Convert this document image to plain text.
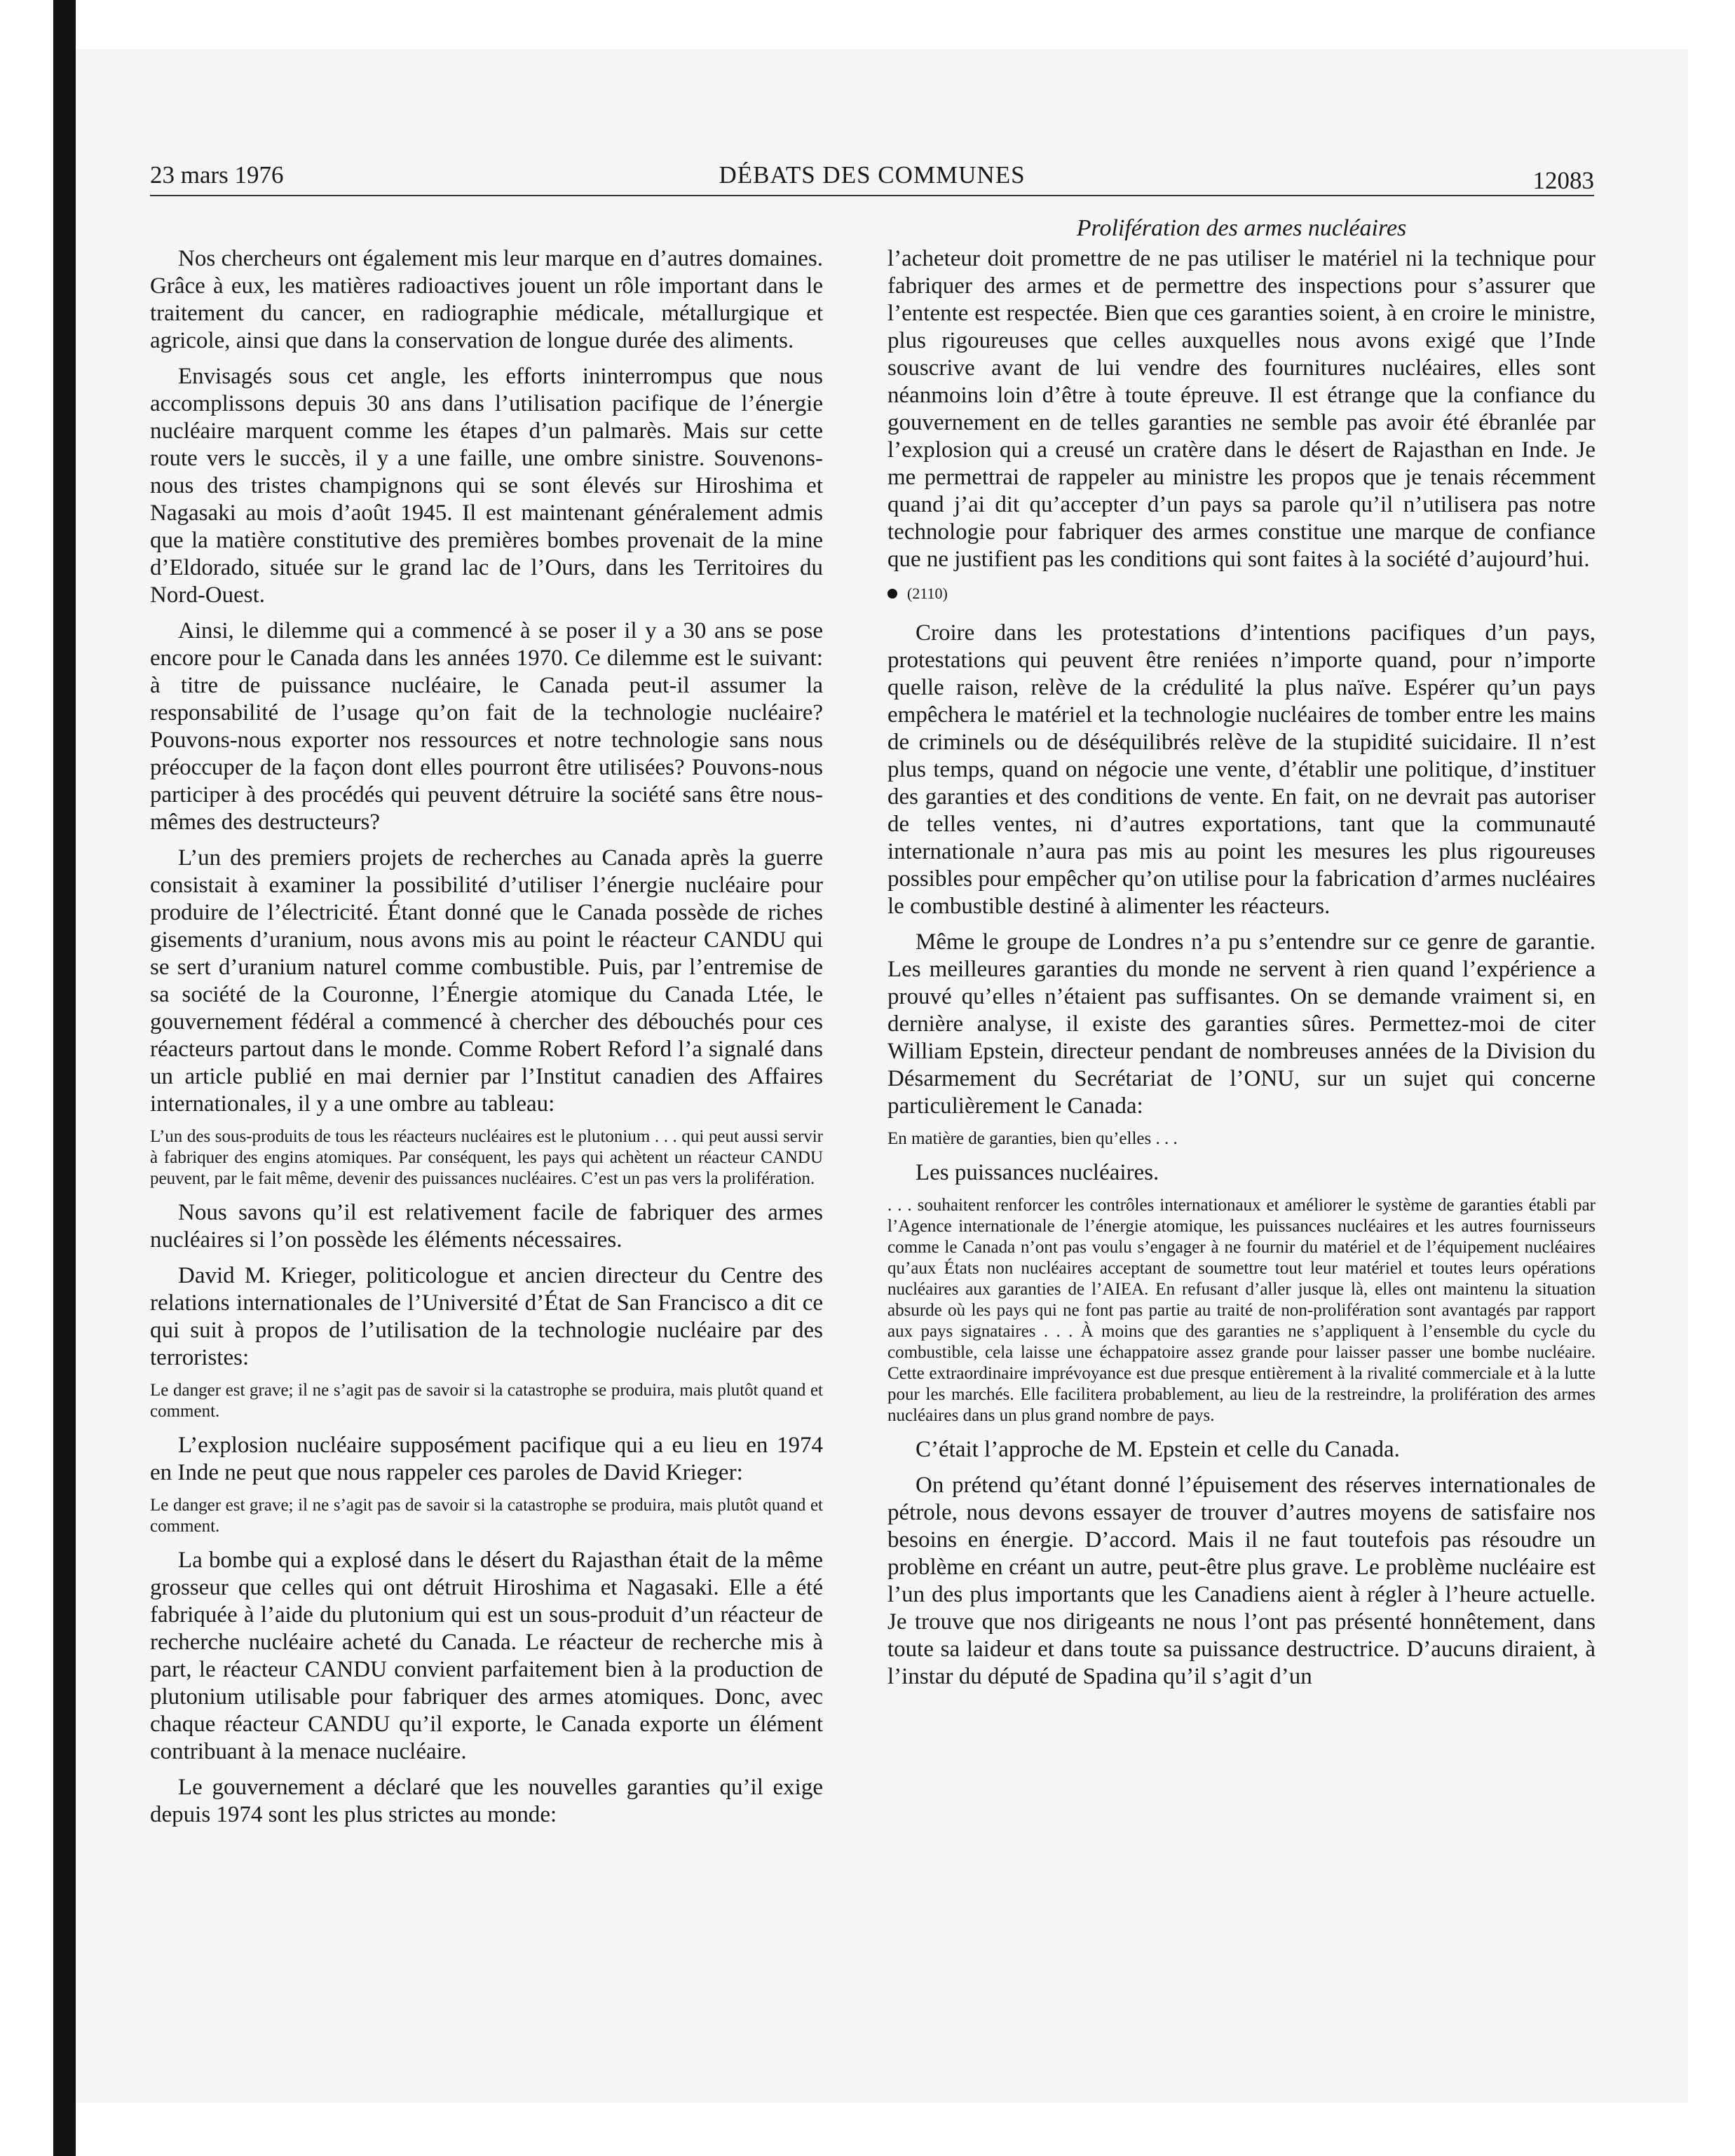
23 mars 1976	DÉBATS DES COMMUNES	12083
Prolifération des armes nucléaires

Nos chercheurs ont également mis leur marque en d’autres domaines. Grâce à eux, les matières radioactives jouent un rôle important dans le traitement du cancer, en radiographie médicale, métallurgique et agricole, ainsi que dans la conservation de longue durée des aliments.

Envisagés sous cet angle, les efforts ininterrompus que nous accomplissons depuis 30 ans dans l’utilisation pacifique de l’énergie nucléaire marquent comme les étapes d’un palmarès. Mais sur cette route vers le succès, il y a une faille, une ombre sinistre. Souvenons-nous des tristes champignons qui se sont élevés sur Hiroshima et Nagasaki au mois d’août 1945. Il est maintenant généralement admis que la matière constitutive des premières bombes provenait de la mine d’Eldorado, située sur le grand lac de l’Ours, dans les Territoires du Nord-Ouest.

Ainsi, le dilemme qui a commencé à se poser il y a 30 ans se pose encore pour le Canada dans les années 1970. Ce dilemme est le suivant: à titre de puissance nucléaire, le Canada peut-il assumer la responsabilité de l’usage qu’on fait de la technologie nucléaire? Pouvons-nous exporter nos ressources et notre technologie sans nous préoccuper de la façon dont elles pourront être utilisées? Pouvons-nous participer à des procédés qui peuvent détruire la société sans être nous-mêmes des destructeurs?

L’un des premiers projets de recherches au Canada après la guerre consistait à examiner la possibilité d’utiliser l’énergie nucléaire pour produire de l’électricité. Étant donné que le Canada possède de riches gisements d’uranium, nous avons mis au point le réacteur CANDU qui se sert d’uranium naturel comme combustible. Puis, par l’entremise de sa société de la Couronne, l’Énergie atomique du Canada Ltée, le gouvernement fédéral a commencé à chercher des débouchés pour ces réacteurs partout dans le monde. Comme Robert Reford l’a signalé dans un article publié en mai dernier par l’Institut canadien des Affaires internationales, il y a une ombre au tableau:

L’un des sous-produits de tous les réacteurs nucléaires est le plutonium . . . qui peut aussi servir à fabriquer des engins atomiques. Par conséquent, les pays qui achètent un réacteur CANDU peuvent, par le fait même, devenir des puissances nucléaires. C’est un pas vers la prolifération.

Nous savons qu’il est relativement facile de fabriquer des armes nucléaires si l’on possède les éléments nécessaires.

David M. Krieger, politicologue et ancien directeur du Centre des relations internationales de l’Université d’État de San Francisco a dit ce qui suit à propos de l’utilisation de la technologie nucléaire par des terroristes:

Le danger est grave; il ne s’agit pas de savoir si la catastrophe se produira, mais plutôt quand et comment.

L’explosion nucléaire supposément pacifique qui a eu lieu en 1974 en Inde ne peut que nous rappeler ces paroles de David Krieger:

Le danger est grave; il ne s’agit pas de savoir si la catastrophe se produira, mais plutôt quand et comment.

La bombe qui a explosé dans le désert du Rajasthan était de la même grosseur que celles qui ont détruit Hiroshima et Nagasaki. Elle a été fabriquée à l’aide du plutonium qui est un sous-produit d’un réacteur de recherche nucléaire acheté du Canada. Le réacteur de recherche mis à part, le réacteur CANDU convient parfaitement bien à la production de plutonium utilisable pour fabriquer des armes atomiques. Donc, avec chaque réacteur CANDU qu’il exporte, le Canada exporte un élément contribuant à la menace nucléaire.

Le gouvernement a déclaré que les nouvelles garanties qu’il exige depuis 1974 sont les plus strictes au monde:

l’acheteur doit promettre de ne pas utiliser le matériel ni la technique pour fabriquer des armes et de permettre des inspections pour s’assurer que l’entente est respectée. Bien que ces garanties soient, à en croire le ministre, plus rigoureuses que celles auxquelles nous avons exigé que l’Inde souscrive avant de lui vendre des fournitures nucléaires, elles sont néanmoins loin d’être à toute épreuve. Il est étrange que la confiance du gouvernement en de telles garanties ne semble pas avoir été ébranlée par l’explosion qui a creusé un cratère dans le désert de Rajasthan en Inde. Je me permettrai de rappeler au ministre les propos que je tenais récemment quand j’ai dit qu’accepter d’un pays sa parole qu’il n’utilisera pas notre technologie pour fabriquer des armes constitue une marque de confiance que ne justifient pas les conditions qui sont faites à la société d’aujourd’hui.

(2110)

Croire dans les protestations d’intentions pacifiques d’un pays, protestations qui peuvent être reniées n’importe quand, pour n’importe quelle raison, relève de la crédulité la plus naïve. Espérer qu’un pays empêchera le matériel et la technologie nucléaires de tomber entre les mains de criminels ou de déséquilibrés relève de la stupidité suicidaire. Il n’est plus temps, quand on négocie une vente, d’établir une politique, d’instituer des garanties et des conditions de vente. En fait, on ne devrait pas autoriser de telles ventes, ni d’autres exportations, tant que la communauté internationale n’aura pas mis au point les mesures les plus rigoureuses possibles pour empêcher qu’on utilise pour la fabrication d’armes nucléaires le combustible destiné à alimenter les réacteurs.

Même le groupe de Londres n’a pu s’entendre sur ce genre de garantie. Les meilleures garanties du monde ne servent à rien quand l’expérience a prouvé qu’elles n’étaient pas suffisantes. On se demande vraiment si, en dernière analyse, il existe des garanties sûres. Permettez-moi de citer William Epstein, directeur pendant de nombreuses années de la Division du Désarmement du Secrétariat de l’ONU, sur un sujet qui concerne particulièrement le Canada:

En matière de garanties, bien qu’elles . . .

Les puissances nucléaires.

. . . souhaitent renforcer les contrôles internationaux et améliorer le système de garanties établi par l’Agence internationale de l’énergie atomique, les puissances nucléaires et les autres fournisseurs comme le Canada n’ont pas voulu s’engager à ne fournir du matériel et de l’équipement nucléaires qu’aux États non nucléaires acceptant de soumettre tout leur matériel et toutes leurs opérations nucléaires aux garanties de l’AIEA. En refusant d’aller jusque là, elles ont maintenu la situation absurde où les pays qui ne font pas partie au traité de non-prolifération sont avantagés par rapport aux pays signataires . . . À moins que des garanties ne s’appliquent à l’ensemble du cycle du combustible, cela laisse une échappatoire assez grande pour laisser passer une bombe nucléaire. Cette extraordinaire imprévoyance est due presque entièrement à la rivalité commerciale et à la lutte pour les marchés. Elle facilitera probablement, au lieu de la restreindre, la prolifération des armes nucléaires dans un plus grand nombre de pays.

C’était l’approche de M. Epstein et celle du Canada.

On prétend qu’étant donné l’épuisement des réserves internationales de pétrole, nous devons essayer de trouver d’autres moyens de satisfaire nos besoins en énergie. D’accord. Mais il ne faut toutefois pas résoudre un problème en créant un autre, peut-être plus grave. Le problème nucléaire est l’un des plus importants que les Canadiens aient à régler à l’heure actuelle. Je trouve que nos dirigeants ne nous l’ont pas présenté honnêtement, dans toute sa laideur et dans toute sa puissance destructrice. D’aucuns diraient, à l’instar du député de Spadina qu’il s’agit d’un
